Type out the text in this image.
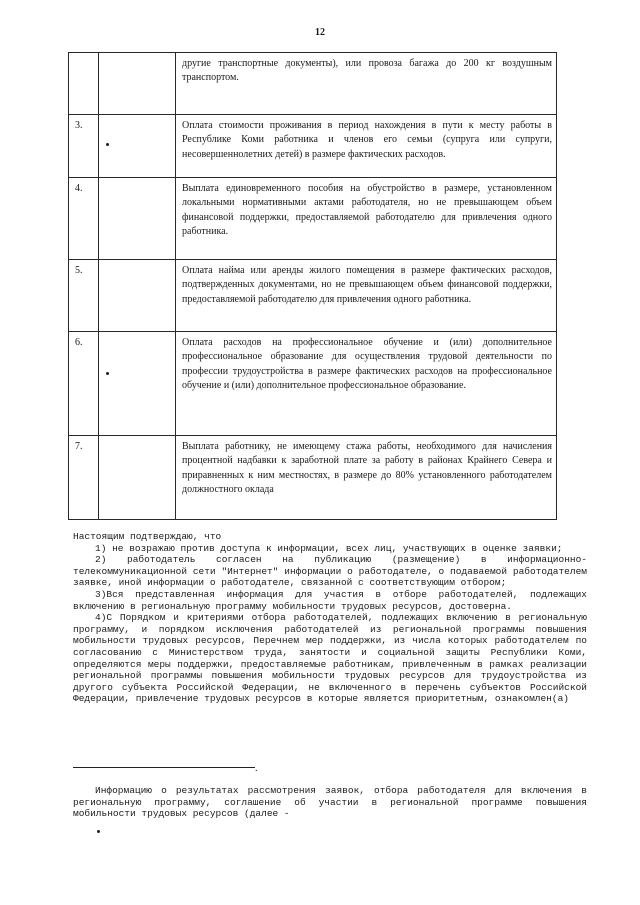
12
		другие транспортные документы), или провоза багажа до 200 кг воздушным транспортом.
3.		Оплата стоимости проживания в период нахождения в пути к месту работы в Республике Коми работника и членов его семьи (супруга или супруги, несовершеннолетних детей) в размере фактических расходов.
4.		Выплата единовременного пособия на обустройство в размере, установленном локальными нормативными актами работодателя, но не превышающем объем финансовой поддержки, предоставляемой работодателю для привлечения одного работника.
5.		Оплата найма или аренды жилого помещения в размере фактических расходов, подтвержденных документами, но не превышающем объем финансовой поддержки, предоставляемой работодателю для привлечения одного работника.
6.		Оплата расходов на профессиональное обучение и (или) дополнительное профессиональное образование для осуществления трудовой деятельности по профессии трудоустройства в размере фактических расходов на профессиональное обучение и (или) дополнительное профессиональное образование.
7.		Выплата работнику, не имеющему стажа работы, необходимого для начисления процентной надбавки к заработной плате за работу в районах Крайнего Севера и приравненных к ним местностях, в размере до 80% установленного работодателем должностного оклада

Настоящим подтверждаю, что

1) не возражаю против доступа к информации, всех лиц, участвующих в оценке заявки;

2) работодатель согласен на публикацию (размещение) в информационно-телекоммуникационной сети "Интернет" информации о работодателе, о подаваемой работодателем заявке, иной информации о работодателе, связанной с соответствующим отбором;

3)Вся представленная информация для участия в отборе работодателей, подлежащих включению в региональную программу мобильности трудовых ресурсов, достоверна.

4)С Порядком и критериями отбора работодателей, подлежащих включению в региональную программу, и порядком исключения работодателей из региональной программы повышения мобильности трудовых ресурсов, Перечнем мер поддержки, из числа которых работодателем по согласованию с Министерством труда, занятости и социальной защиты Республики Коми, определяются меры поддержки, предоставляемые работникам, привлеченным в рамках реализации региональной программы повышения мобильности трудовых ресурсов для трудоустройства из другого субъекта Российской Федерации, не включенного в перечень субъектов Российской Федерации, привлечение трудовых ресурсов в которые является приоритетным, ознакомлен(а)

.

Информацию о результатах рассмотрения заявок, отбора работодателя для включения в региональную программу, соглашение об участии в региональной программе повышения мобильности трудовых ресурсов (далее -
